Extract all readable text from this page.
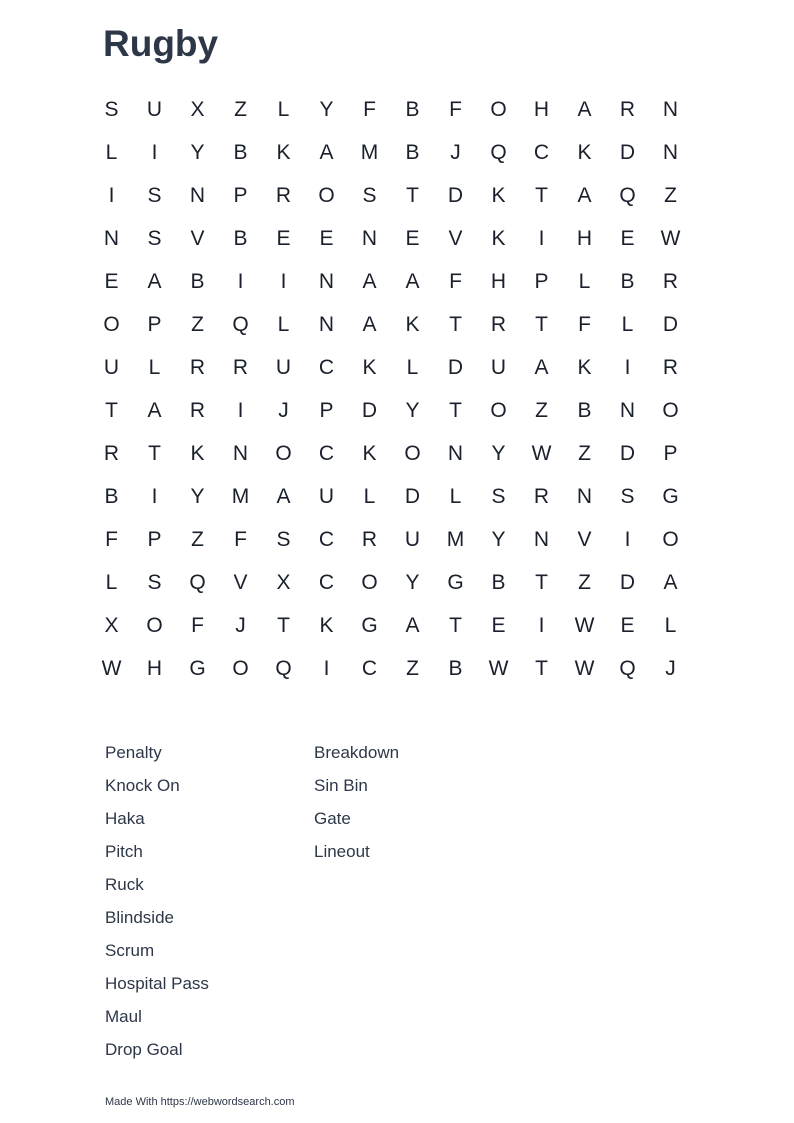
Rugby
S	U	X	Z	L	Y	F	B	F	O	H	A	R	N
L	I	Y	B	K	A	M	B	J	Q	C	K	D	N
I	S	N	P	R	O	S	T	D	K	T	A	Q	Z
N	S	V	B	E	E	N	E	V	K	I	H	E	W
E	A	B	I	I	N	A	A	F	H	P	L	B	R
O	P	Z	Q	L	N	A	K	T	R	T	F	L	D
U	L	R	R	U	C	K	L	D	U	A	K	I	R
T	A	R	I	J	P	D	Y	T	O	Z	B	N	O
R	T	K	N	O	C	K	O	N	Y	W	Z	D	P
B	I	Y	M	A	U	L	D	L	S	R	N	S	G
F	P	Z	F	S	C	R	U	M	Y	N	V	I	O
L	S	Q	V	X	C	O	Y	G	B	T	Z	D	A
X	O	F	J	T	K	G	A	T	E	I	W	E	L
W	H	G	O	Q	I	C	Z	B	W	T	W	Q	J
Penalty
Knock On
Haka
Pitch
Ruck
Blindside
Scrum
Hospital Pass
Maul
Drop Goal
Breakdown
Sin Bin
Gate
Lineout
Made With https://webwordsearch.com
